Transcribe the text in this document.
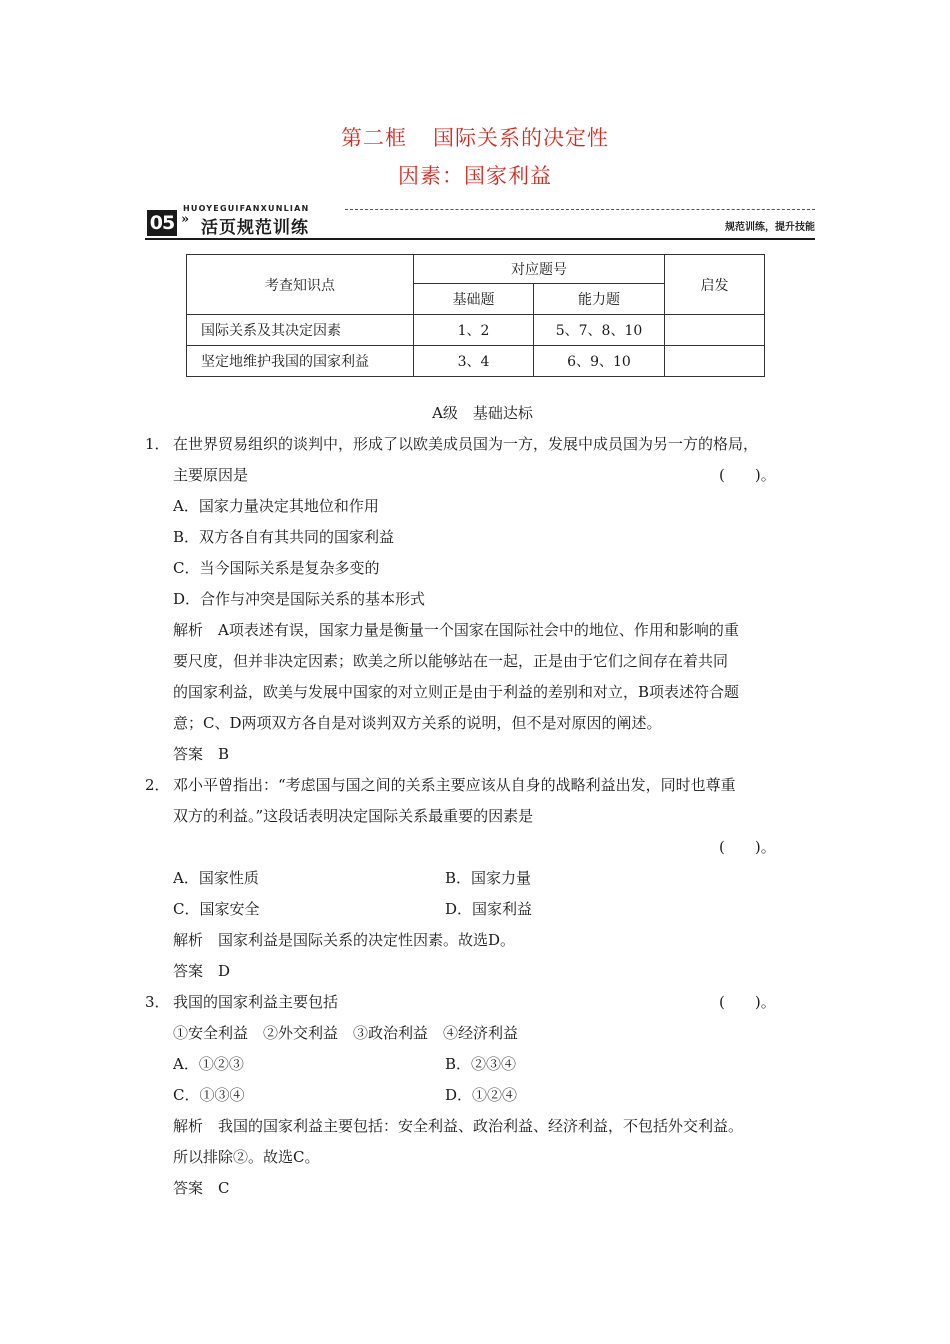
第二框 国际关系的决定性
因素：国家利益
HUOYEGUIFANXUNLIAN
05 » 活页规范训练	规范训练，提升技能
考查知识点	对应题号		启发
	基础题	能力题	
国际关系及其决定因素	1、2	5、7、8、10	
坚定地维护我国的国家利益	3、4	6、9、10	
A级　基础达标
1． 在世界贸易组织的谈判中，形成了以欧美成员国为一方，发展中成员国为另一方的格局，
主要原因是	(　　)。
A．国家力量决定其地位和作用
B．双方各自有其共同的国家利益
C．当今国际关系是复杂多变的
D．合作与冲突是国际关系的基本形式
解析　A项表述有误，国家力量是衡量一个国家在国际社会中的地位、作用和影响的重
要尺度，但并非决定因素；欧美之所以能够站在一起，正是由于它们之间存在着共同
的国家利益，欧美与发展中国家的对立则正是由于利益的差别和对立，B项表述符合题
意；C、D两项双方各自是对谈判双方关系的说明，但不是对原因的阐述。
答案　B
2． 邓小平曾指出：“考虑国与国之间的关系主要应该从自身的战略利益出发，同时也尊重
双方的利益。”这段话表明决定国际关系最重要的因素是
(　　)。
A．国家性质	B．国家力量
C．国家安全	D．国家利益
解析　国家利益是国际关系的决定性因素。故选D。
答案　D
3． 我国的国家利益主要包括	(　　)。
①安全利益　②外交利益　③政治利益　④经济利益
A．①②③	B．②③④
C．①③④	D．①②④
解析　我国的国家利益主要包括：安全利益、政治利益、经济利益，不包括外交利益。
所以排除②。故选C。
答案　C
